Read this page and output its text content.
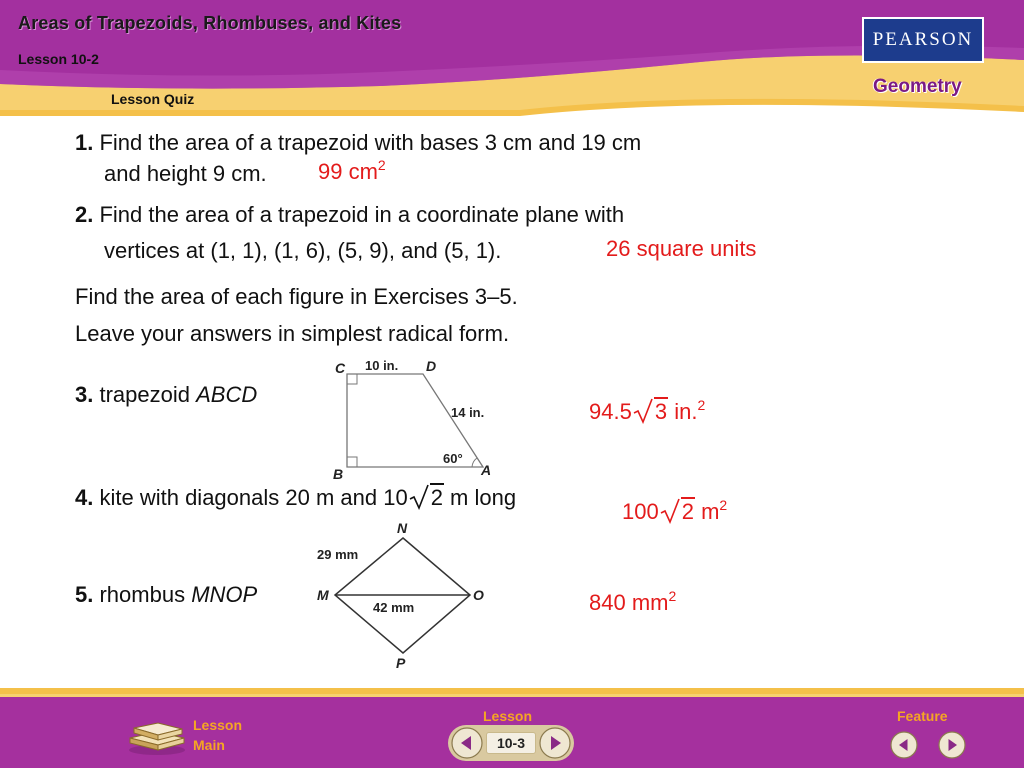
Areas of Trapezoids, Rhombuses, and Kites
Lesson 10-2
Lesson Quiz
PEARSON
Geometry
1. Find the area of a trapezoid with bases 3 cm and 19 cm
and height 9 cm. 99 $cm^2$
2. Find the area of a trapezoid in a coordinate plane with
vertices at (1, 1), (1, 6), (5, 9), and (5, 1).	26 square units
Find the area of each figure in Exercises 3–5.
Leave your answers in simplest radical form.
3. trapezoid ABCD
94.5 3 in.$^2$
C	D
B	A
10 in.
14 in.
60°
4. kite with diagonals 20 m and 10 2 m long
100 2 $m^2$
N
M	O
P
29 mm
42 mm
5. rhombus MNOP	840 $mm^2$
Lesson
Main
Lesson
10-3
Feature
